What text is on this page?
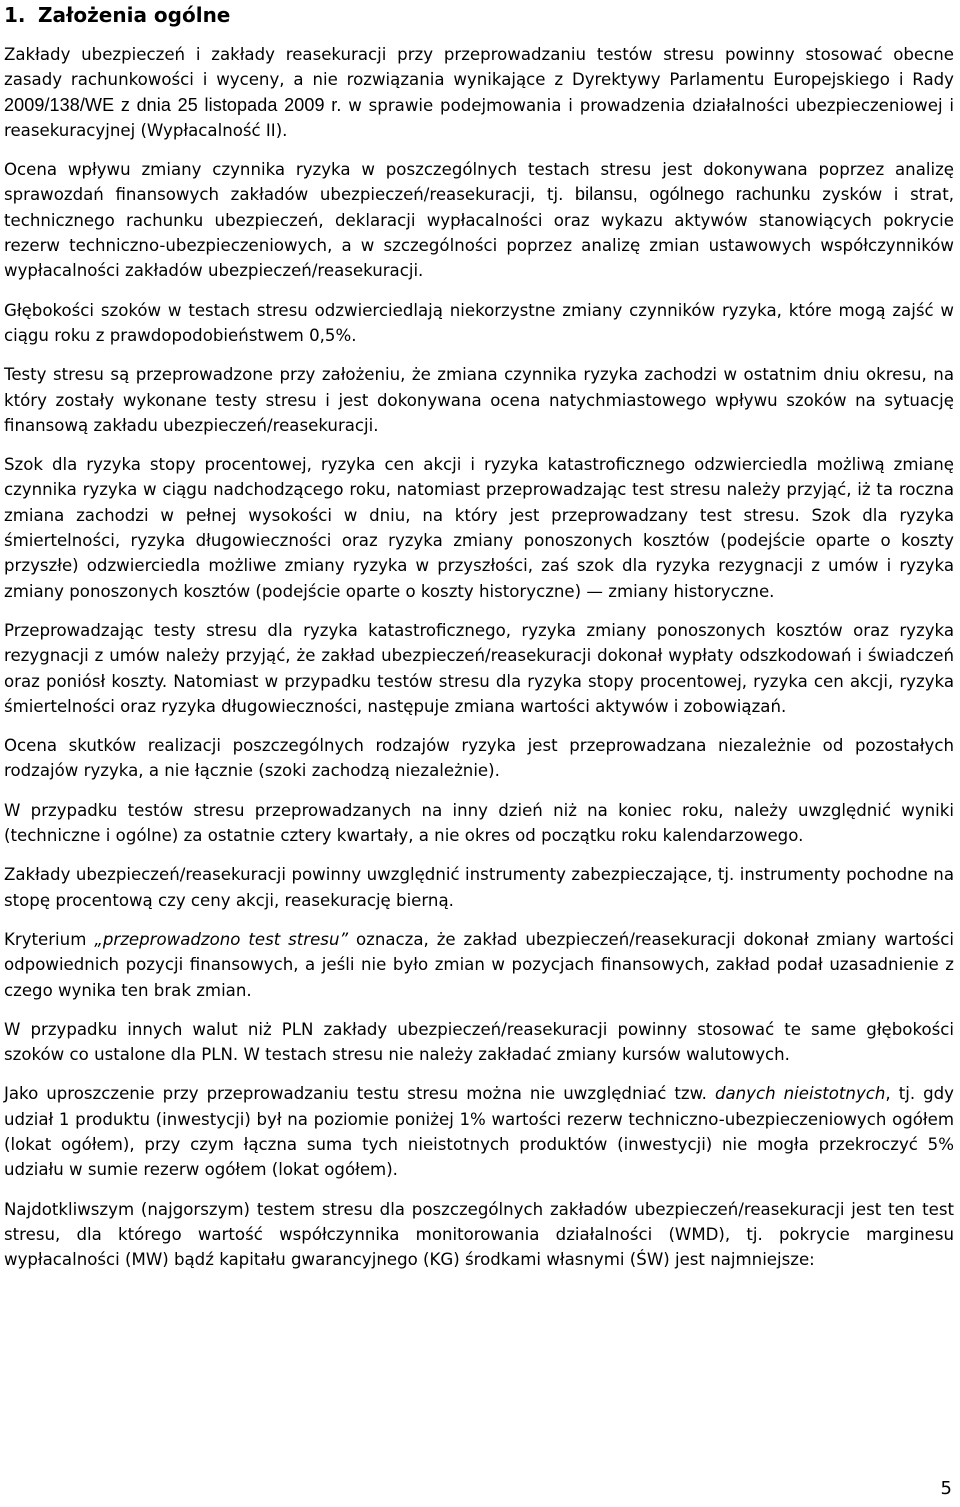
1. Założenia ogólne

Zakłady ubezpieczeń i zakłady reasekuracji przy przeprowadzaniu testów stresu powinny stosować obecne zasady rachunkowości i wyceny, a nie rozwiązania wynikające z Dyrektywy Parlamentu Europejskiego i Rady 2009/138/WE z dnia 25 listopada 2009 r. w sprawie podejmowania i prowadzenia działalności ubezpieczeniowej i reasekuracyjnej (Wypłacalność II).

Ocena wpływu zmiany czynnika ryzyka w poszczególnych testach stresu jest dokonywana poprzez analizę sprawozdań finansowych zakładów ubezpieczeń/reasekuracji, tj. bilansu, ogólnego rachunku zysków i strat, technicznego rachunku ubezpieczeń, deklaracji wypłacalności oraz wykazu aktywów stanowiących pokrycie rezerw techniczno-ubezpieczeniowych, a w szczególności poprzez analizę zmian ustawowych współczynników wypłacalności zakładów ubezpieczeń/reasekuracji.

Głębokości szoków w testach stresu odzwierciedlają niekorzystne zmiany czynników ryzyka, które mogą zajść w ciągu roku z prawdopodobieństwem 0,5%.

Testy stresu są przeprowadzone przy założeniu, że zmiana czynnika ryzyka zachodzi w ostatnim dniu okresu, na który zostały wykonane testy stresu i jest dokonywana ocena natychmiastowego wpływu szoków na sytuację finansową zakładu ubezpieczeń/reasekuracji.

Szok dla ryzyka stopy procentowej, ryzyka cen akcji i ryzyka katastroficznego odzwierciedla możliwą zmianę czynnika ryzyka w ciągu nadchodzącego roku, natomiast przeprowadzając test stresu należy przyjąć, iż ta roczna zmiana zachodzi w pełnej wysokości w dniu, na który jest przeprowadzany test stresu. Szok dla ryzyka śmiertelności, ryzyka długowieczności oraz ryzyka zmiany ponoszonych kosztów (podejście oparte o koszty przyszłe) odzwierciedla możliwe zmiany ryzyka w przyszłości, zaś szok dla ryzyka rezygnacji z umów i ryzyka zmiany ponoszonych kosztów (podejście oparte o koszty historyczne) — zmiany historyczne.

Przeprowadzając testy stresu dla ryzyka katastroficznego, ryzyka zmiany ponoszonych kosztów oraz ryzyka rezygnacji z umów należy przyjąć, że zakład ubezpieczeń/reasekuracji dokonał wypłaty odszkodowań i świadczeń oraz poniósł koszty. Natomiast w przypadku testów stresu dla ryzyka stopy procentowej, ryzyka cen akcji, ryzyka śmiertelności oraz ryzyka długowieczności, następuje zmiana wartości aktywów i zobowiązań.

Ocena skutków realizacji poszczególnych rodzajów ryzyka jest przeprowadzana niezależnie od pozostałych rodzajów ryzyka, a nie łącznie (szoki zachodzą niezależnie).

W przypadku testów stresu przeprowadzanych na inny dzień niż na koniec roku, należy uwzględnić wyniki (techniczne i ogólne) za ostatnie cztery kwartały, a nie okres od początku roku kalendarzowego.

Zakłady ubezpieczeń/reasekuracji powinny uwzględnić instrumenty zabezpieczające, tj. instrumenty pochodne na stopę procentową czy ceny akcji, reasekurację bierną.

Kryterium „przeprowadzono test stresu” oznacza, że zakład ubezpieczeń/reasekuracji dokonał zmiany wartości odpowiednich pozycji finansowych, a jeśli nie było zmian w pozycjach finansowych, zakład podał uzasadnienie z czego wynika ten brak zmian.

W przypadku innych walut niż PLN zakłady ubezpieczeń/reasekuracji powinny stosować te same głębokości szoków co ustalone dla PLN. W testach stresu nie należy zakładać zmiany kursów walutowych.

Jako uproszczenie przy przeprowadzaniu testu stresu można nie uwzględniać tzw. danych nieistotnych, tj. gdy udział 1 produktu (inwestycji) był na poziomie poniżej 1% wartości rezerw techniczno-ubezpieczeniowych ogółem (lokat ogółem), przy czym łączna suma tych nieistotnych produktów (inwestycji) nie mogła przekroczyć 5% udziału w sumie rezerw ogółem (lokat ogółem).

Najdotkliwszym (najgorszym) testem stresu dla poszczególnych zakładów ubezpieczeń/reasekuracji jest ten test stresu, dla którego wartość współczynnika monitorowania działalności (WMD), tj. pokrycie marginesu wypłacalności (MW) bądź kapitału gwarancyjnego (KG) środkami własnymi (ŚW) jest najmniejsze:

5
